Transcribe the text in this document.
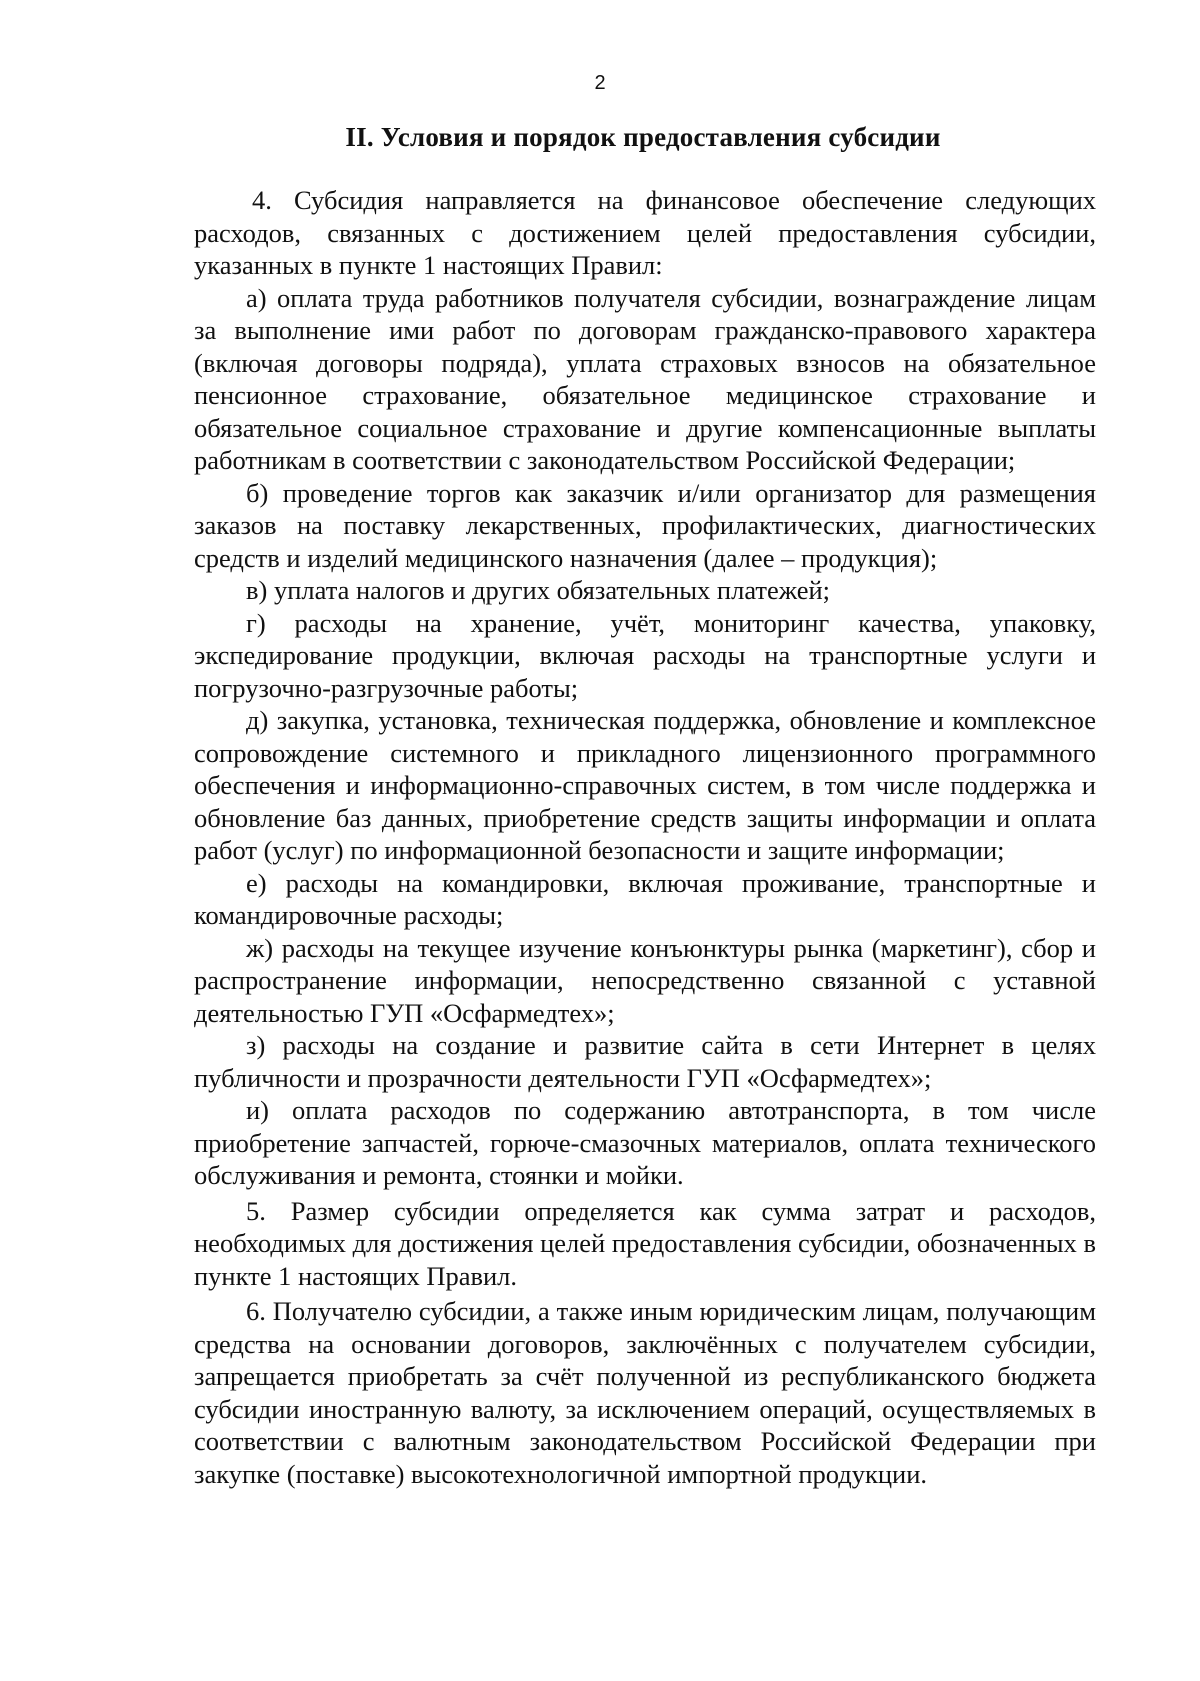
2
II. Условия и порядок предоставления субсидии

4. Субсидия направляется на финансовое обеспечение следующих расходов, связанных с достижением целей предоставления субсидии, указанных в пункте 1 настоящих Правил:

а) оплата труда работников получателя субсидии, вознаграждение лицам за выполнение ими работ по договорам гражданско-правового характера (включая договоры подряда), уплата страховых взносов на обязательное пенсионное страхование, обязательное медицинское страхование и обязательное социальное страхование и другие компенсационные выплаты работникам в соответствии с законодательством Российской Федерации;

б) проведение торгов как заказчик и/или организатор для размещения заказов на поставку лекарственных, профилактических, диагностических средств и изделий медицинского назначения (далее – продукция);

в) уплата налогов и других обязательных платежей;

г) расходы на хранение, учёт, мониторинг качества, упаковку, экспедирование продукции, включая расходы на транспортные услуги и погрузочно-разгрузочные работы;

д) закупка, установка, техническая поддержка, обновление и комплексное сопровождение системного и прикладного лицензионного программного обеспечения и информационно-справочных систем, в том числе поддержка и обновление баз данных, приобретение средств защиты информации и оплата работ (услуг) по информационной безопасности и защите информации;

е) расходы на командировки, включая проживание, транспортные и командировочные расходы;

ж) расходы на текущее изучение конъюнктуры рынка (маркетинг), сбор и распространение информации, непосредственно связанной с уставной деятельностью ГУП «Осфармедтех»;

з) расходы на создание и развитие сайта в сети Интернет в целях публичности и прозрачности деятельности ГУП «Осфармедтех»;

и) оплата расходов по содержанию автотранспорта, в том числе приобретение запчастей, горюче-смазочных материалов, оплата технического обслуживания и ремонта, стоянки и мойки.

5. Размер субсидии определяется как сумма затрат и расходов, необходимых для достижения целей предоставления субсидии, обозначенных в пункте 1 настоящих Правил.

6. Получателю субсидии, а также иным юридическим лицам, получающим средства на основании договоров, заключённых с получателем субсидии, запрещается приобретать за счёт полученной из республиканского бюджета субсидии иностранную валюту, за исключением операций, осуществляемых в соответствии с валютным законодательством Российской Федерации при закупке (поставке) высокотехнологичной импортной продукции.
